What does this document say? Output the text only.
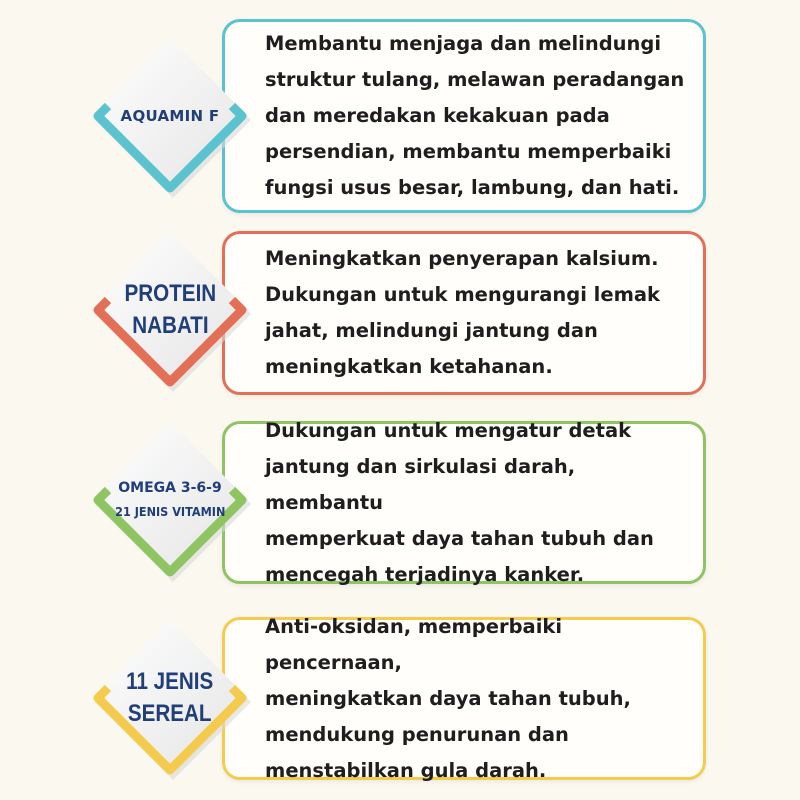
Membantu menjaga dan melindungi
struktur tulang, melawan peradangan
dan meredakan kekakuan pada
persendian, membantu memperbaiki
fungsi usus besar, lambung, dan hati.

AQUAMIN F

Meningkatkan penyerapan kalsium.
Dukungan untuk mengurangi lemak
jahat, melindungi jantung dan
meningkatkan ketahanan.

PROTEIN
NABATI

Dukungan untuk mengatur detak
jantung dan sirkulasi darah, membantu
memperkuat daya tahan tubuh dan
mencegah terjadinya kanker.

OMEGA 3-6-9
21 JENIS VITAMIN

Anti-oksidan, memperbaiki pencernaan,
meningkatkan daya tahan tubuh,
mendukung penurunan dan
menstabilkan gula darah.

11 JENIS
SEREAL
